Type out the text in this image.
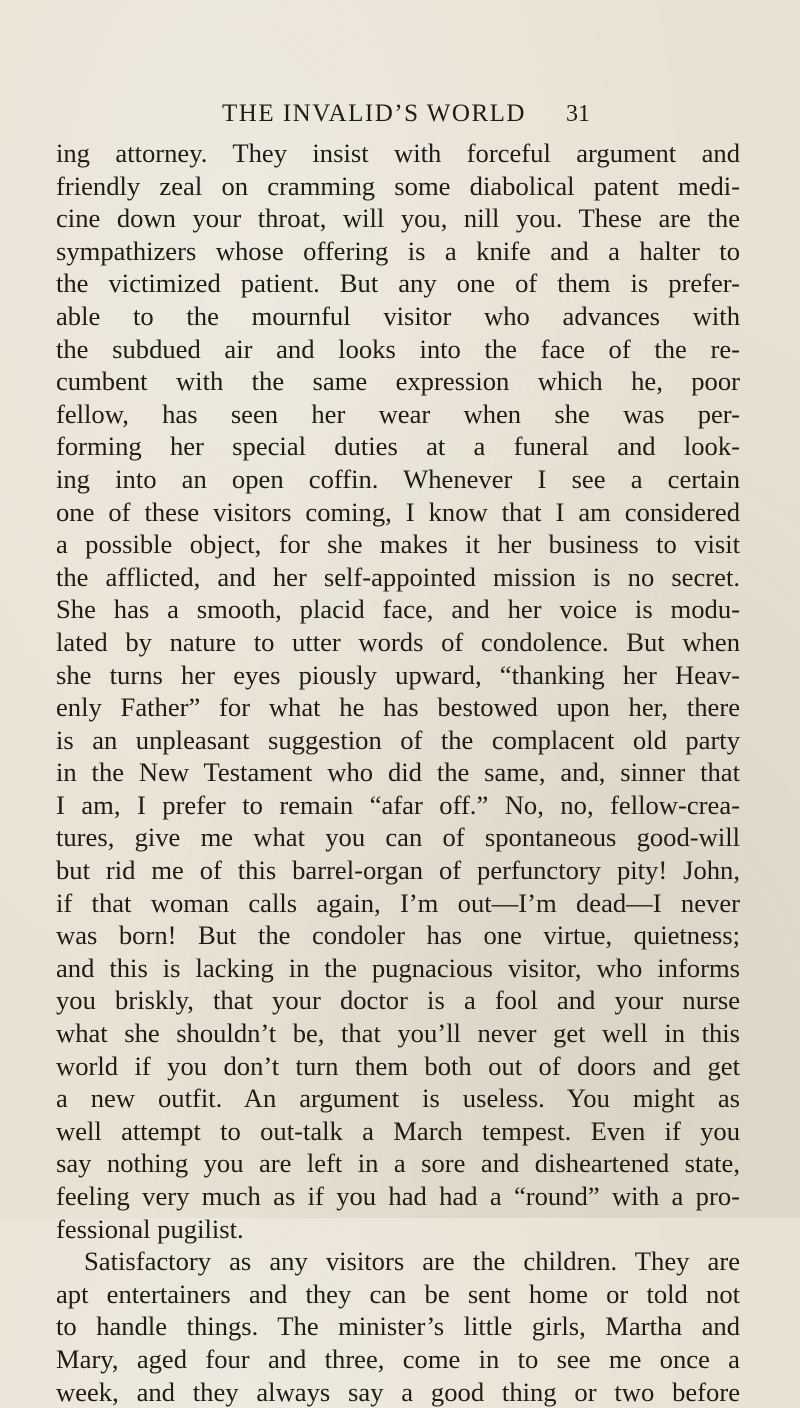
THE INVALID’S WORLD 31
ing attorney. They insist with forceful argument and
friendly zeal on cramming some diabolical patent medi-
cine down your throat, will you, nill you. These are the
sympathizers whose offering is a knife and a halter to
the victimized patient. But any one of them is prefer-
able to the mournful visitor who advances with
the subdued air and looks into the face of the re-
cumbent with the same expression which he, poor
fellow, has seen her wear when she was per-
forming her special duties at a funeral and look-
ing into an open coffin. Whenever I see a certain
one of these visitors coming, I know that I am considered
a possible object, for she makes it her business to visit
the afflicted, and her self-appointed mission is no secret.
She has a smooth, placid face, and her voice is modu-
lated by nature to utter words of condolence. But when
she turns her eyes piously upward, “thanking her Heav-
enly Father” for what he has bestowed upon her, there
is an unpleasant suggestion of the complacent old party
in the New Testament who did the same, and, sinner that
I am, I prefer to remain “afar off.” No, no, fellow-crea-
tures, give me what you can of spontaneous good-will
but rid me of this barrel-organ of perfunctory pity! John,
if that woman calls again, I’m out—I’m dead—I never
was born! But the condoler has one virtue, quietness;
and this is lacking in the pugnacious visitor, who informs
you briskly, that your doctor is a fool and your nurse
what she shouldn’t be, that you’ll never get well in this
world if you don’t turn them both out of doors and get
a new outfit. An argument is useless. You might as
well attempt to out-talk a March tempest. Even if you
say nothing you are left in a sore and disheartened state,
feeling very much as if you had had a “round” with a pro-
fessional pugilist.
Satisfactory as any visitors are the children. They are
apt entertainers and they can be sent home or told not
to handle things. The minister’s little girls, Martha and
Mary, aged four and three, come in to see me once a
week, and they always say a good thing or two before
